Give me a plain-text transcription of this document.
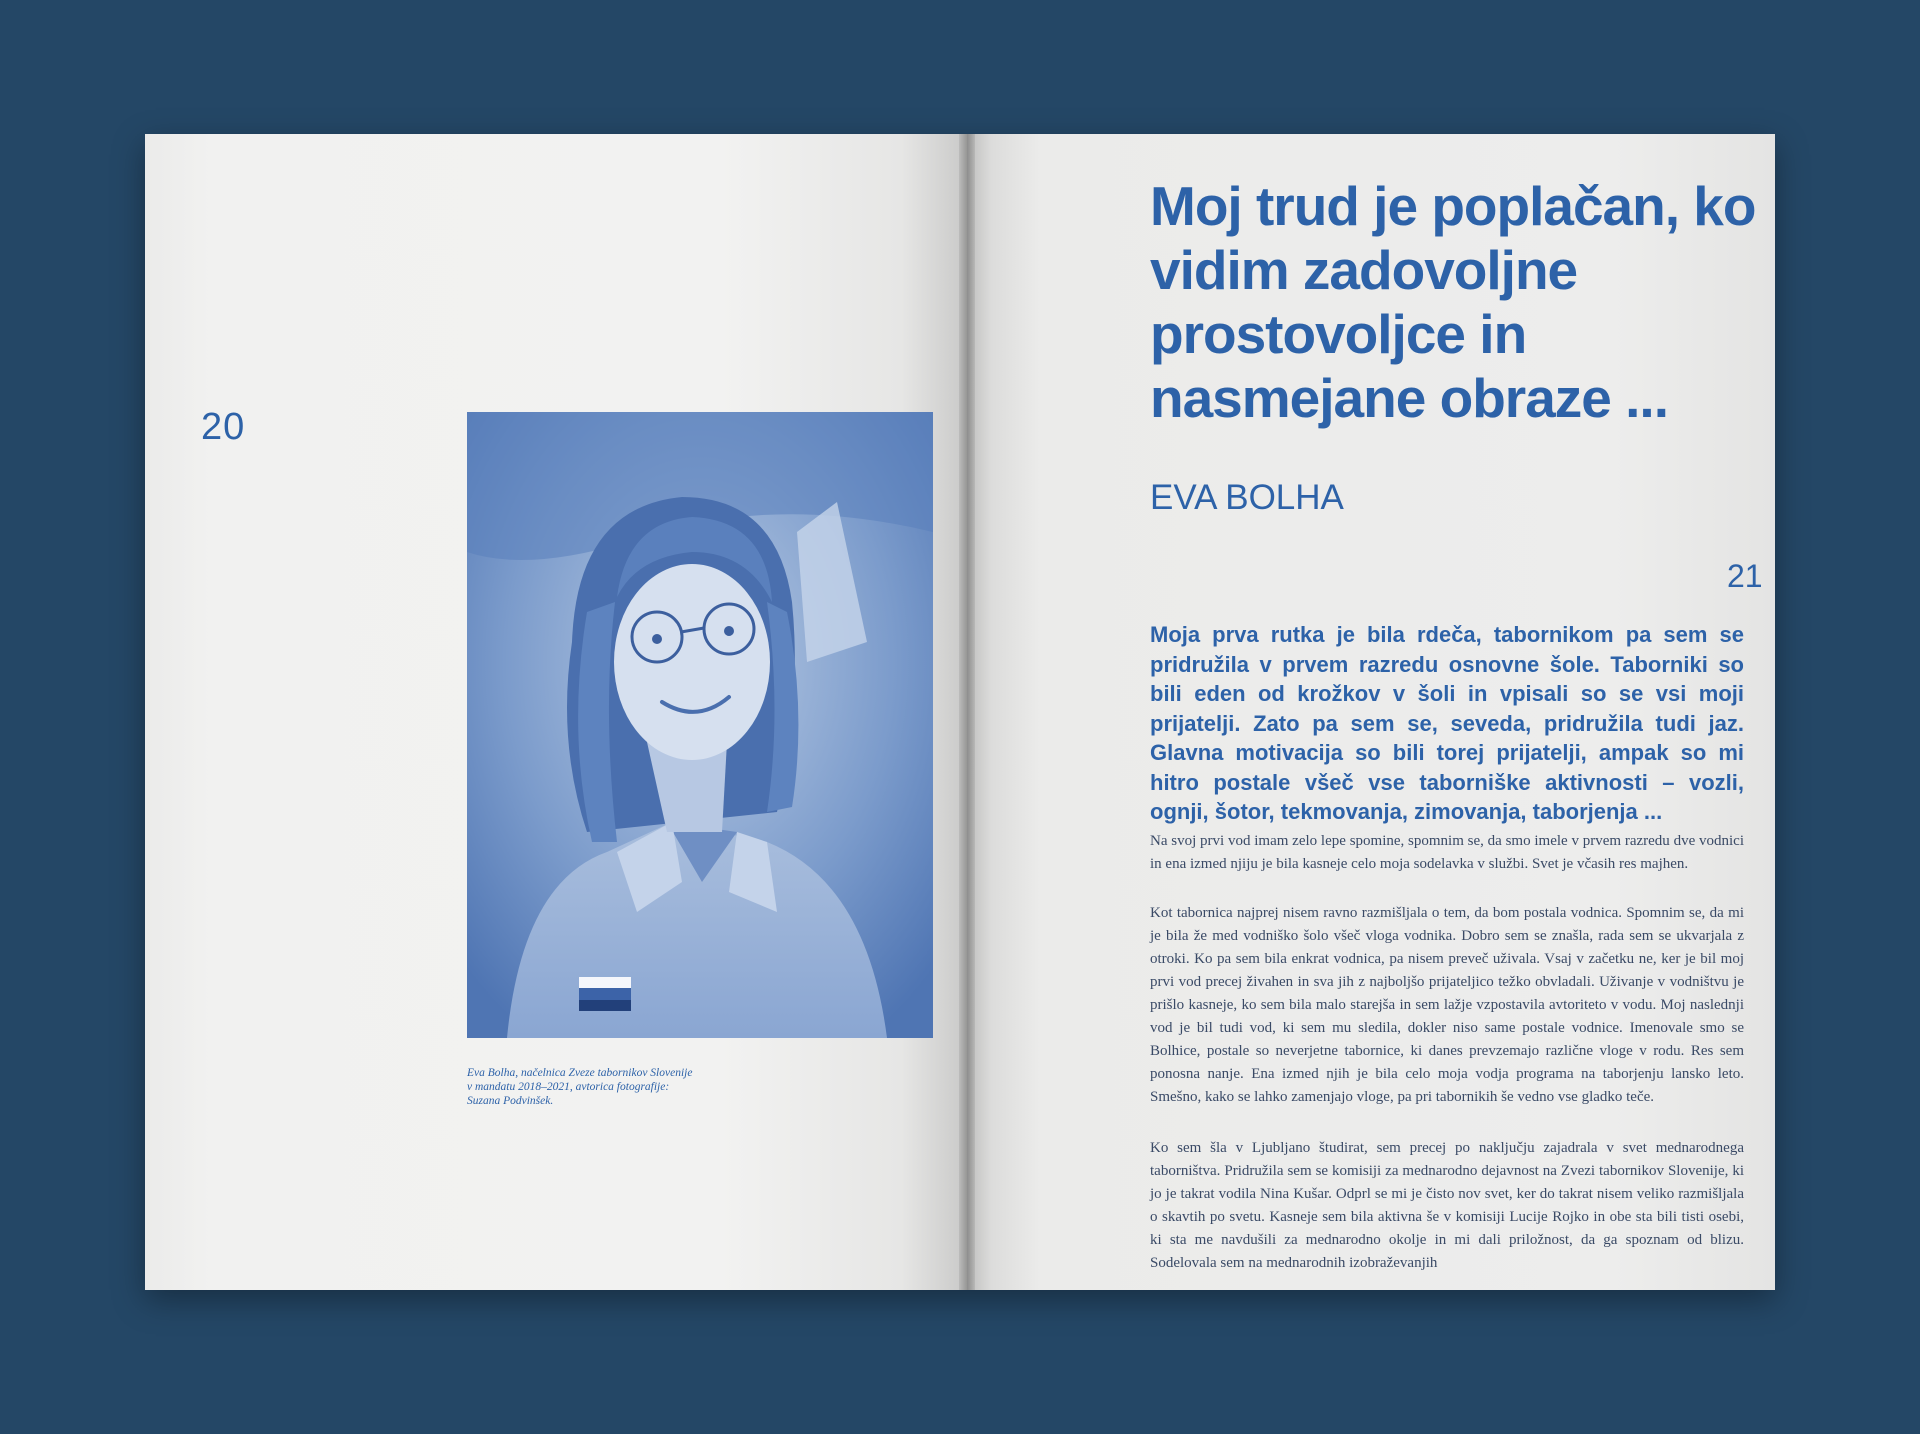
20
Eva Bolha, načelnica Zveze tabornikov Slovenije v mandatu 2018–2021, avtorica fotografije: Suzana Podvinšek.
Moj trud je poplačan, ko vidim zadovoljne prostovoljce in nasmejane obraze ...
EVA BOLHA
21

Moja prva rutka je bila rdeča, tabornikom pa sem se pridružila v prvem razredu osnovne šole. Taborniki so bili eden od krožkov v šoli in vpisali so se vsi moji prijatelji. Zato pa sem se, seveda, pridružila tudi jaz. Glavna motivacija so bili torej prijatelji, ampak so mi hitro postale všeč vse taborniške aktivnosti – vozli, ognji, šotor, tekmovanja, zimovanja, taborjenja ...

Na svoj prvi vod imam zelo lepe spomine, spomnim se, da smo imele v prvem razredu dve vodnici in ena izmed njiju je bila kasneje celo moja sodelavka v službi. Svet je včasih res majhen.

Kot tabornica najprej nisem ravno razmišljala o tem, da bom postala vodnica. Spomnim se, da mi je bila že med vodniško šolo všeč vloga vodnika. Dobro sem se znašla, rada sem se ukvarjala z otroki. Ko pa sem bila enkrat vodnica, pa nisem preveč uživala. Vsaj v začetku ne, ker je bil moj prvi vod precej živahen in sva jih z najboljšo prijateljico težko obvladali. Uživanje v vodništvu je prišlo kasneje, ko sem bila malo starejša in sem lažje vzpostavila avtoriteto v vodu. Moj naslednji vod je bil tudi vod, ki sem mu sledila, dokler niso same postale vodnice. Imenovale smo se Bolhice, postale so neverjetne tabornice, ki danes prevzemajo različne vloge v rodu. Res sem ponosna nanje. Ena izmed njih je bila celo moja vodja programa na taborjenju lansko leto. Smešno, kako se lahko zamenjajo vloge, pa pri tabornikih še vedno vse gladko teče.

Ko sem šla v Ljubljano študirat, sem precej po naključju zajadrala v svet mednarodnega taborništva. Pridružila sem se komisiji za mednarodno dejavnost na Zvezi tabornikov Slovenije, ki jo je takrat vodila Nina Kušar. Odprl se mi je čisto nov svet, ker do takrat nisem veliko razmišljala o skavtih po svetu. Kasneje sem bila aktivna še v komisiji Lucije Rojko in obe sta bili tisti osebi, ki sta me navdušili za mednarodno okolje in mi dali priložnost, da ga spoznam od blizu. Sodelovala sem na mednarodnih izobraževanjih
